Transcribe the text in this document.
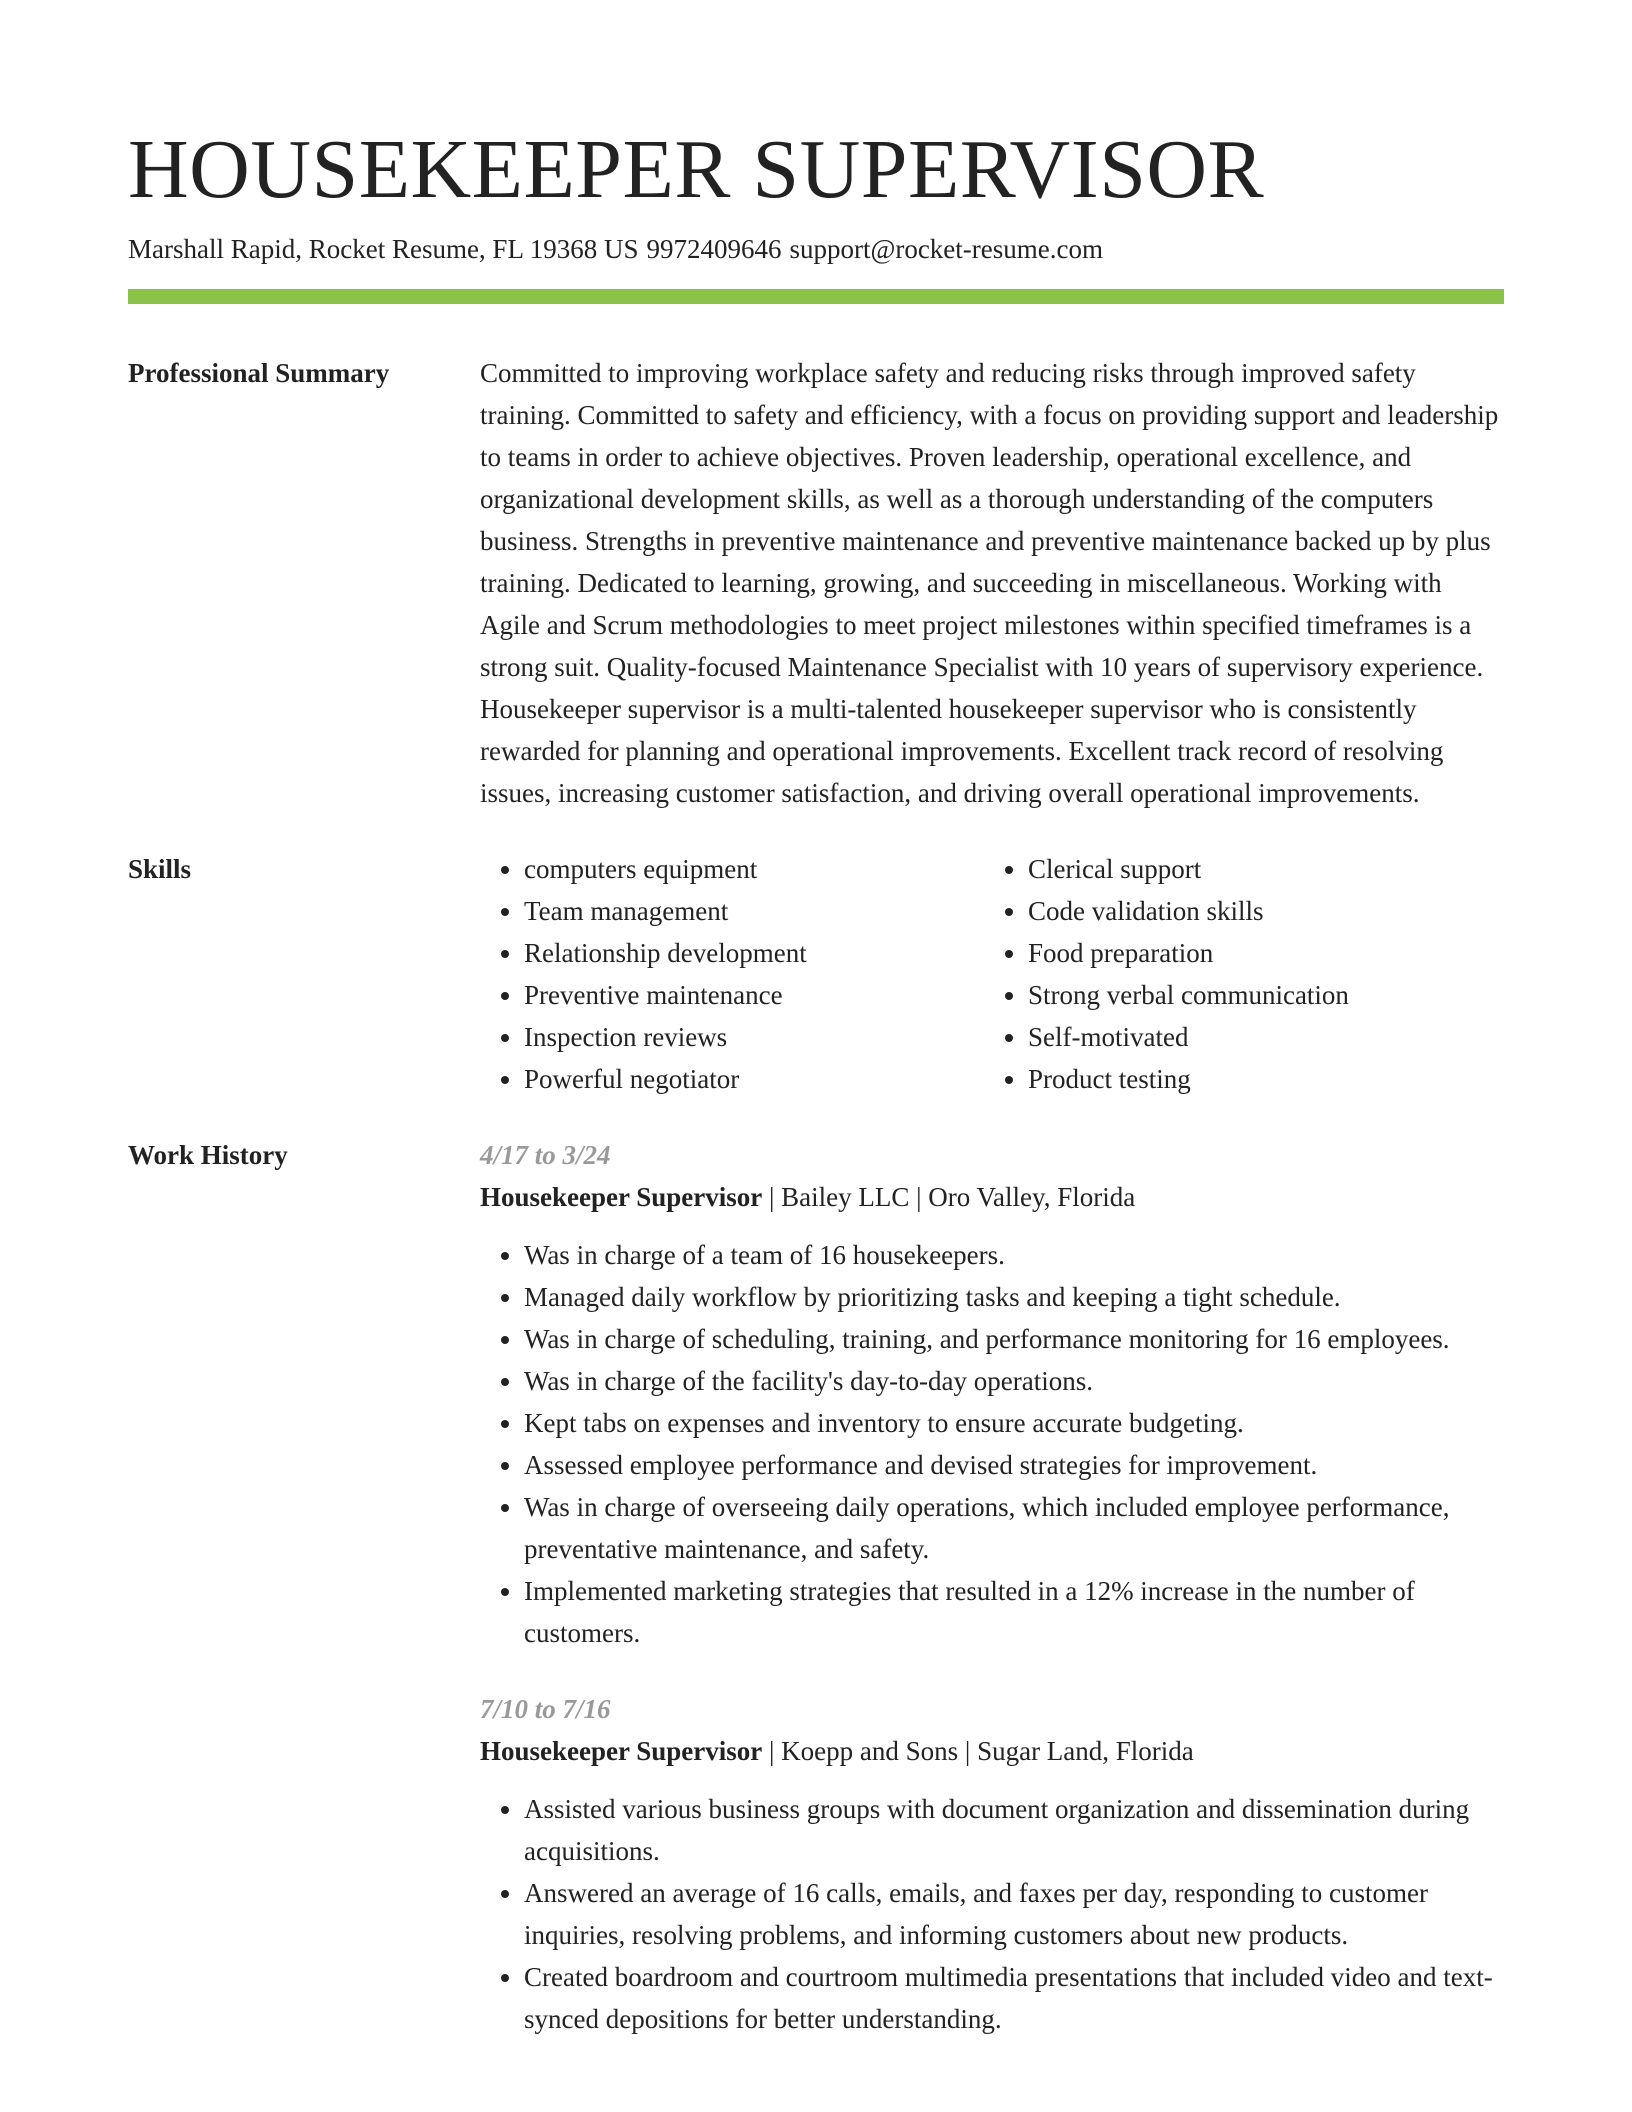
HOUSEKEEPER SUPERVISOR
Marshall Rapid, Rocket Resume, FL 19368 US 9972409646 support@rocket-resume.com
Professional Summary	Committed to improving workplace safety and reducing risks through improved safety training. Committed to safety and efficiency, with a focus on providing support and leadership to teams in order to achieve objectives. Proven leadership, operational excellence, and organizational development skills, as well as a thorough understanding of the computers business. Strengths in preventive maintenance and preventive maintenance backed up by plus training. Dedicated to learning, growing, and succeeding in miscellaneous. Working with Agile and Scrum methodologies to meet project milestones within specified timeframes is a strong suit. Quality-focused Maintenance Specialist with 10 years of supervisory experience. Housekeeper supervisor is a multi-talented housekeeper supervisor who is consistently rewarded for planning and operational improvements. Excellent track record of resolving issues, increasing customer satisfaction, and driving overall operational improvements.

Skills
•	computers equipment
• Team management
• Relationship development
• Preventive maintenance
• Inspection reviews
• Powerful negotiator
• Clerical support
• Code validation skills
• Food preparation
• Strong verbal communication
• Self-motivated
• Product testing
Work History	4/17 to 3/24
Housekeeper Supervisor | Bailey LLC | Oro Valley, Florida
• Was in charge of a team of 16 housekeepers.
• Managed daily workflow by prioritizing tasks and keeping a tight schedule.
• Was in charge of scheduling, training, and performance monitoring for 16 employees.
• Was in charge of the facility's day-to-day operations.
• Kept tabs on expenses and inventory to ensure accurate budgeting.
• Assessed employee performance and devised strategies for improvement.
• Was in charge of overseeing daily operations, which included employee performance, preventative maintenance, and safety.
• Implemented marketing strategies that resulted in a 12% increase in the number of customers.
7/10 to 7/16
Housekeeper Supervisor | Koepp and Sons | Sugar Land, Florida
• Assisted various business groups with document organization and dissemination during acquisitions.
• Answered an average of 16 calls, emails, and faxes per day, responding to customer inquiries, resolving problems, and informing customers about new products.
• Created boardroom and courtroom multimedia presentations that included video and text-synced depositions for better understanding.
